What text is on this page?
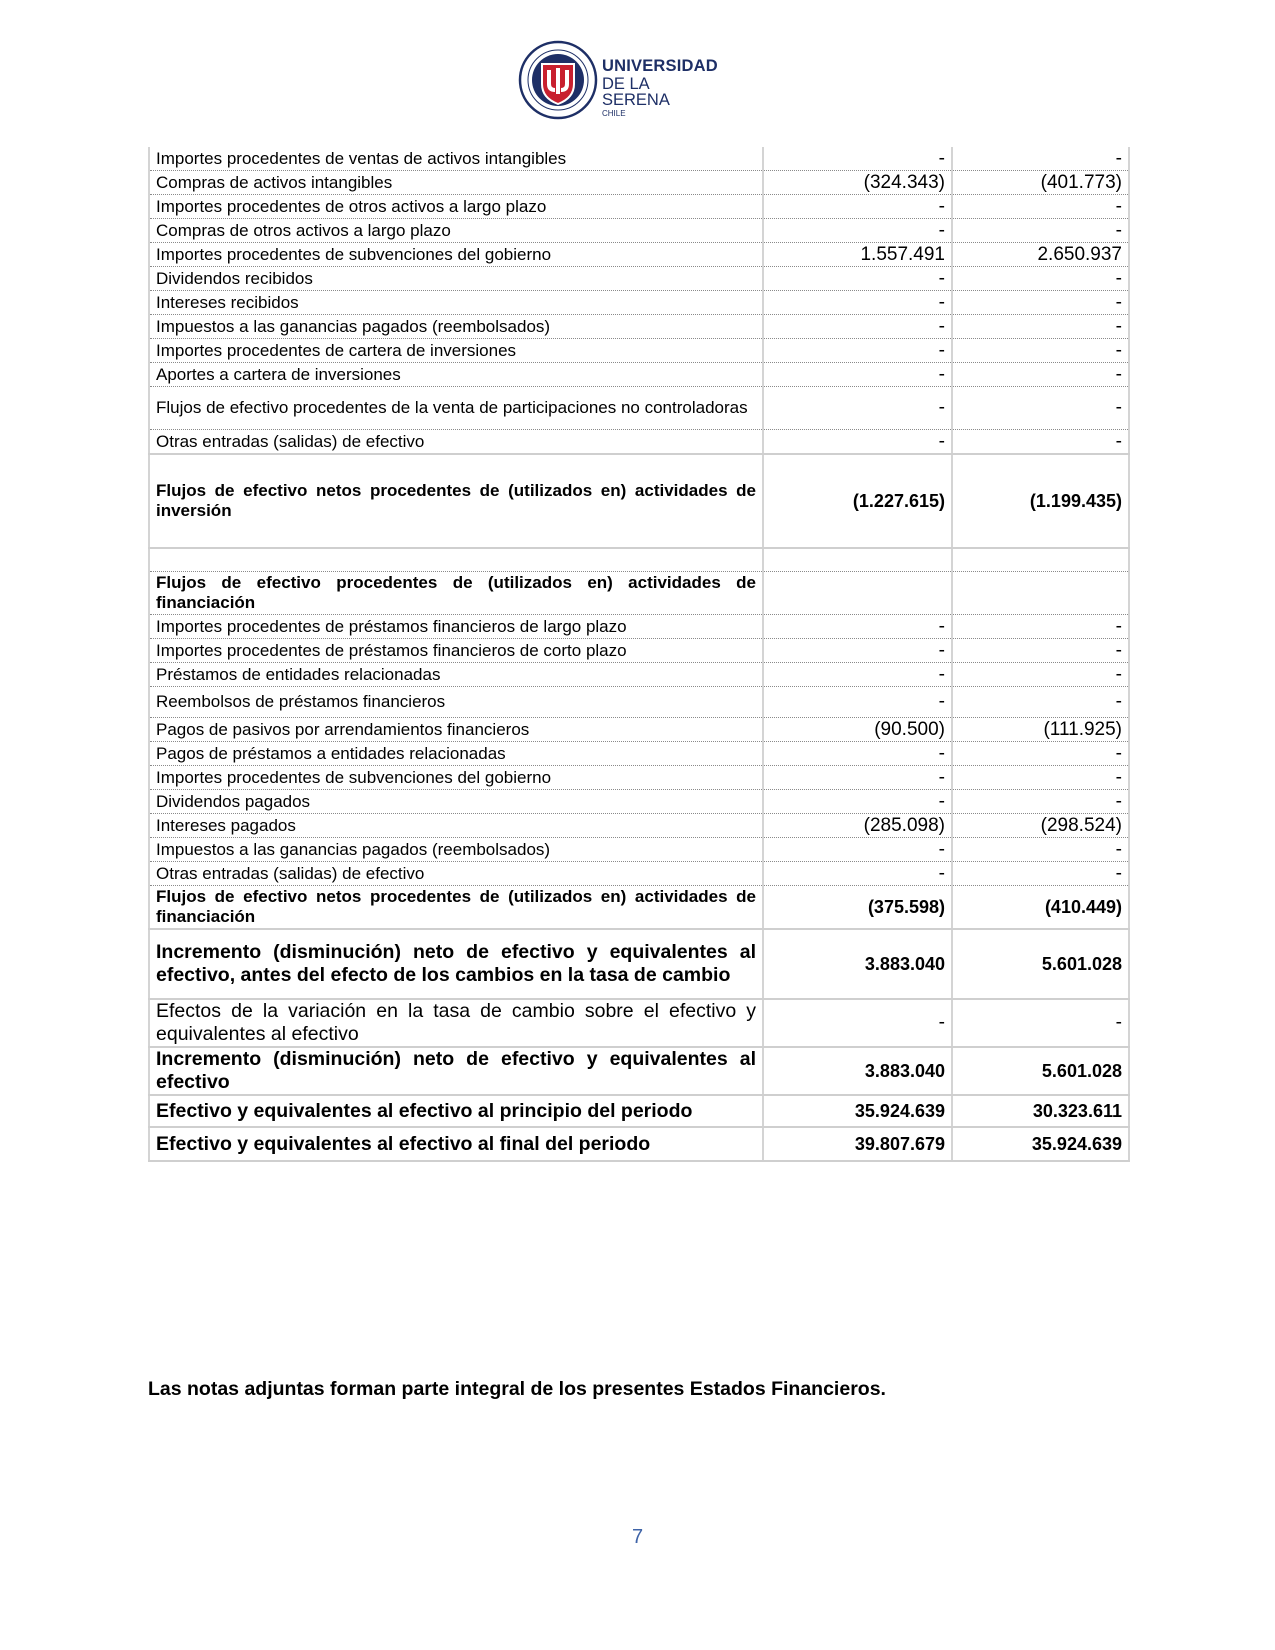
UNIVERSIDAD
DE LA SERENA
CHILE
Importes procedentes de ventas de activos intangibles	-	-
Compras de activos intangibles	(324.343)	(401.773)
Importes procedentes de otros activos a largo plazo	-	-
Compras de otros activos a largo plazo	-	-
Importes procedentes de subvenciones del gobierno	1.557.491	2.650.937
Dividendos recibidos	-	-
Intereses recibidos	-	-
Impuestos a las ganancias pagados (reembolsados)	-	-
Importes procedentes de cartera de inversiones	-	-
Aportes a cartera de inversiones	-	-
Flujos de efectivo procedentes de la venta de participaciones no controladoras	-	-
Otras entradas (salidas) de efectivo	-	-
Flujos de efectivo netos procedentes de (utilizados en) actividades de inversión	(1.227.615)	(1.199.435)

Flujos de efectivo procedentes de (utilizados en) actividades de financiación		
Importes procedentes de préstamos financieros de largo plazo	-	-
Importes procedentes de préstamos financieros de corto plazo	-	-
Préstamos de entidades relacionadas	-	-
Reembolsos de préstamos financieros	-	-
Pagos de pasivos por arrendamientos financieros	(90.500)	(111.925)
Pagos de préstamos a entidades relacionadas	-	-
Importes procedentes de subvenciones del gobierno	-	-
Dividendos pagados	-	-
Intereses pagados	(285.098)	(298.524)
Impuestos a las ganancias pagados (reembolsados)	-	-
Otras entradas (salidas) de efectivo	-	-
Flujos de efectivo netos procedentes de (utilizados en) actividades de financiación	(375.598)	(410.449)
Incremento (disminución) neto de efectivo y equivalentes al efectivo, antes del efecto de los cambios en la tasa de cambio	3.883.040	5.601.028
Efectos de la variación en la tasa de cambio sobre el efectivo y equivalentes al efectivo	-	-
Incremento (disminución) neto de efectivo y equivalentes al efectivo	3.883.040	5.601.028
Efectivo y equivalentes al efectivo al principio del periodo	35.924.639	30.323.611
Efectivo y equivalentes al efectivo al final del periodo	39.807.679	35.924.639
Las notas adjuntas forman parte integral de los presentes Estados Financieros.
7
